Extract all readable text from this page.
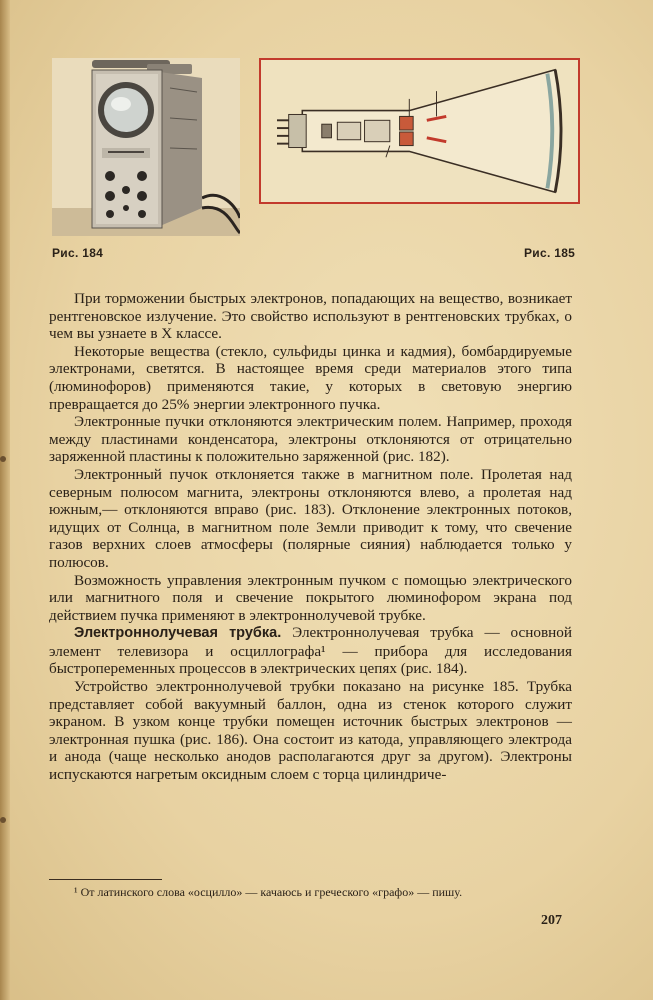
Рис. 184	Рис. 185

При торможении быстрых электронов, попадающих на вещество, возникает рентгеновское излучение. Это свойство используют в рентгеновских трубках, о чем вы узнаете в X классе.

Некоторые вещества (стекло, сульфиды цинка и кадмия), бомбардируемые электронами, светятся. В настоящее время среди материалов этого типа (люминофоров) применяются такие, у которых в световую энергию превращается до 25% энергии электронного пучка.

Электронные пучки отклоняются электрическим полем. Например, проходя между пластинами конденсатора, электроны отклоняются от отрицательно заряженной пластины к положительно заряженной (рис. 182).

Электронный пучок отклоняется также в магнитном поле. Пролетая над северным полюсом магнита, электроны отклоняются влево, а пролетая над южным,— отклоняются вправо (рис. 183). Отклонение электронных потоков, идущих от Солнца, в магнитном поле Земли приводит к тому, что свечение газов верхних слоев атмосферы (полярные сияния) наблюдается только у полюсов.

Возможность управления электронным пучком с помощью электрического или магнитного поля и свечение покрытого люминофором экрана под действием пучка применяют в электроннолучевой трубке.

Электроннолучевая трубка. Электроннолучевая трубка — основной элемент телевизора и осциллографа¹ — прибора для исследования быстропеременных процессов в электрических цепях (рис. 184).

Устройство электроннолучевой трубки показано на рисунке 185. Трубка представляет собой вакуумный баллон, одна из стенок которого служит экраном. В узком конце трубки помещен источник быстрых электронов — электронная пушка (рис. 186). Она состоит из катода, управляющего электрода и анода (чаще несколько анодов располагаются друг за другом). Электроны испускаются нагретым оксидным слоем с торца цилиндриче-

¹ От латинского слова «осцилло» — качаюсь и греческого «графо» — пишу.
207
